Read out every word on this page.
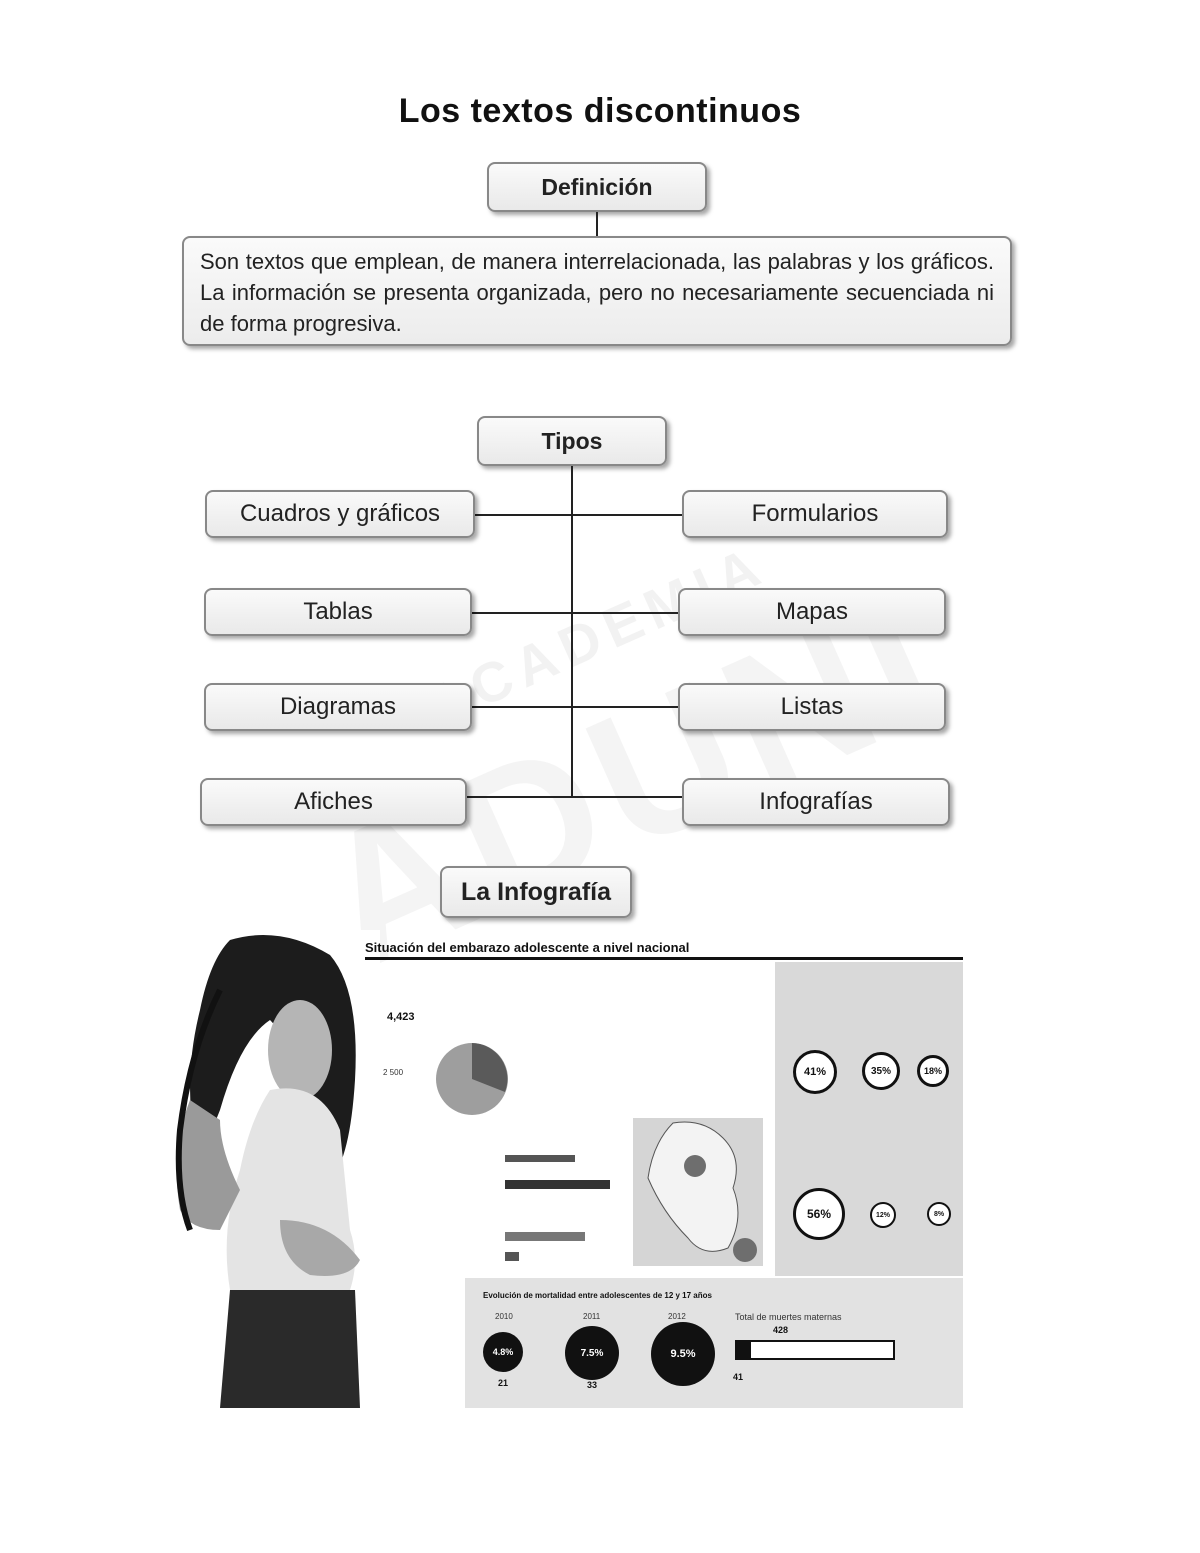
Los textos discontinuos
Definición
Son textos que emplean, de manera interrelacionada, las palabras y los gráficos. La información se presenta organizada, pero no necesariamente secuenciada ni de forma progresiva.
ACADEMIA
Tipos
Cuadros y gráficos
Tablas
Diagramas
Afiches
Formularios
Mapas
Listas
Infografías
La Infografía
Situación del embarazo adolescente a nivel nacional
4,423
2 500	41%	35%	18%
56%	12%	8%
Evolución de mortalidad entre adolescentes de 12 y 17 años
2010	2011	2012
4.8%	7.5%	9.5%
21	33
Total de muertes maternas
428
41
